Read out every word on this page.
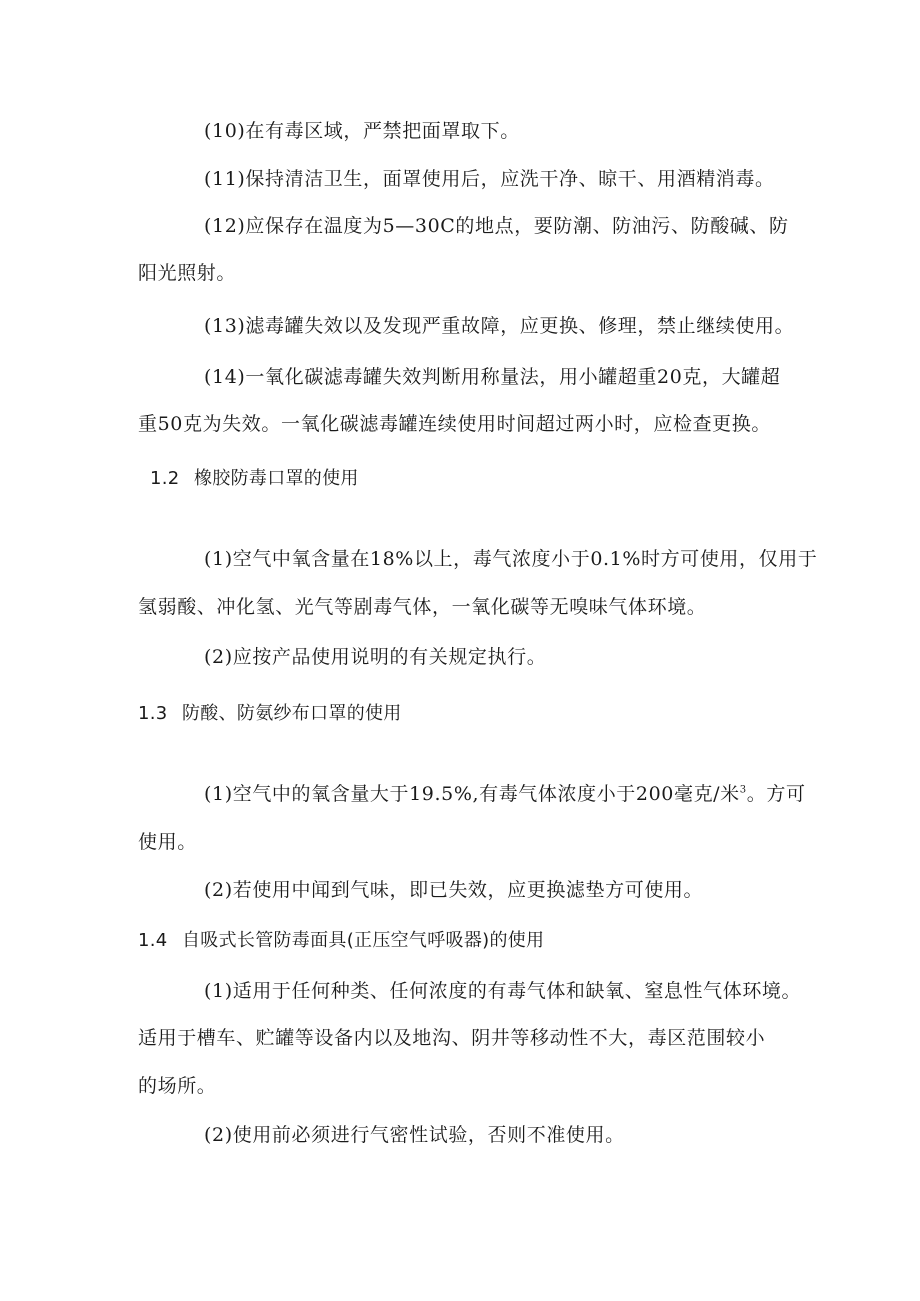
(10)在有毒区域，严禁把面罩取下。
(11)保持清洁卫生，面罩使用后，应洗干净、晾干、用酒精消毒。
(12)应保存在温度为5—30C的地点，要防潮、防油污、防酸碱、防
阳光照射。
(13)滤毒罐失效以及发现严重故障，应更换、修理，禁止继续使用。
(14)一氧化碳滤毒罐失效判断用称量法，用小罐超重20克，大罐超
重50克为失效。一氧化碳滤毒罐连续使用时间超过两小时，应检查更换。
1.2 橡胶防毒口罩的使用
(1)空气中氧含量在18%以上，毒气浓度小于0.1%时方可使用，仅用于
氢弱酸、冲化氢、光气等剧毒气体，一氧化碳等无嗅味气体环境。
(2)应按产品使用说明的有关规定执行。
1.3 防酸、防氨纱布口罩的使用
(1)空气中的氧含量大于19.5%,有毒气体浓度小于200毫克/米$^3$。方可
使用。
(2)若使用中闻到气味，即已失效，应更换滤垫方可使用。
1.4 自吸式长管防毒面具(正压空气呼吸器)的使用
(1)适用于任何种类、任何浓度的有毒气体和缺氧、窒息性气体环境。
适用于槽车、贮罐等设备内以及地沟、阴井等移动性不大，毒区范围较小
的场所。
(2)使用前必须进行气密性试验，否则不准使用。
